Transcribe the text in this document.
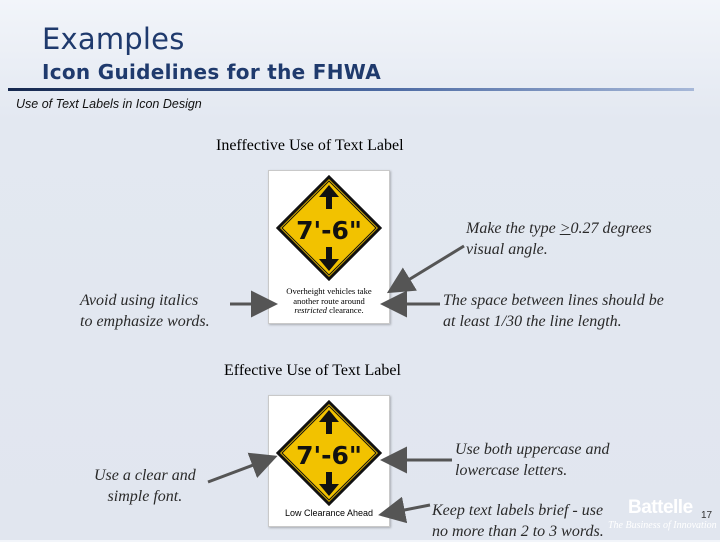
Examples
Icon Guidelines for the FHWA
Use of Text Labels in Icon Design
Ineffective Use of Text Label
7'-6"
Overheight vehicles take
another route around
restricted clearance.
Make the type ≥0.27 degrees
visual angle.
Avoid using italics
to emphasize words.
The space between lines should be
at least 1/30 the line length.
Effective Use of Text Label
7'-6"
Low Clearance Ahead
Use a clear and
simple font.
Use both uppercase and
lowercase letters.
Keep text labels brief - use
no more than 2 to 3 words.
Battelle
The Business of Innovation
17
